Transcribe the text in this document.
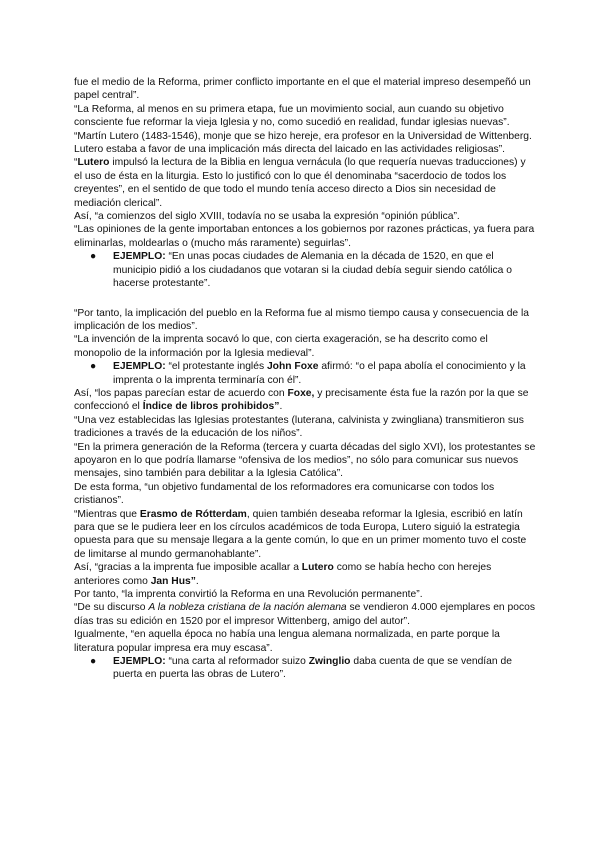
fue el medio de la Reforma, primer conflicto importante en el que el material impreso desempeñó un papel central”.

“La Reforma, al menos en su primera etapa, fue un movimiento social, aun cuando su objetivo consciente fue reformar la vieja Iglesia y no, como sucedió en realidad, fundar iglesias nuevas”.

“Martín Lutero (1483-1546), monje que se hizo hereje, era profesor en la Universidad de Wittenberg. Lutero estaba a favor de una implicación más directa del laicado en las actividades religiosas”.

“Lutero impulsó la lectura de la Biblia en lengua vernácula (lo que requería nuevas traducciones) y el uso de ésta en la liturgia. Esto lo justificó con lo que él denominaba “sacerdocio de todos los creyentes”, en el sentido de que todo el mundo tenía acceso directo a Dios sin necesidad de mediación clerical”.

Así, “a comienzos del siglo XVIII, todavía no se usaba la expresión “opinión pública”.

“Las opiniones de la gente importaban entonces a los gobiernos por razones prácticas, ya fuera para eliminarlas, moldearlas o (mucho más raramente) seguirlas”.

● EJEMPLO: “En unas pocas ciudades de Alemania en la década de 1520, en que el municipio pidió a los ciudadanos que votaran si la ciudad debía seguir siendo católica o hacerse protestante”.

“Por tanto, la implicación del pueblo en la Reforma fue al mismo tiempo causa y consecuencia de la implicación de los medios”.

“La invención de la imprenta socavó lo que, con cierta exageración, se ha descrito como el monopolio de la información por la Iglesia medieval”.

● EJEMPLO: “el protestante inglés John Foxe afirmó: “o el papa abolía el conocimiento y la imprenta o la imprenta terminaría con él”.

Así, “los papas parecían estar de acuerdo con Foxe, y precisamente ésta fue la razón por la que se confeccionó el Índice de libros prohibidos”.

“Una vez establecidas las Iglesias protestantes (luterana, calvinista y zwingliana) transmitieron sus tradiciones a través de la educación de los niños”.

“En la primera generación de la Reforma (tercera y cuarta décadas del siglo XVI), los protestantes se apoyaron en lo que podría llamarse “ofensiva de los medios”, no sólo para comunicar sus nuevos mensajes, sino también para debilitar a la Iglesia Católica”.

De esta forma, “un objetivo fundamental de los reformadores era comunicarse con todos los cristianos”.

“Mientras que Erasmo de Rótterdam, quien también deseaba reformar la Iglesia, escribió en latín para que se le pudiera leer en los círculos académicos de toda Europa, Lutero siguió la estrategia opuesta para que su mensaje llegara a la gente común, lo que en un primer momento tuvo el coste de limitarse al mundo germanohablante”.

Así, “gracias a la imprenta fue imposible acallar a Lutero como se había hecho con herejes anteriores como Jan Hus”.

Por tanto, “la imprenta convirtió la Reforma en una Revolución permanente”.

“De su discurso A la nobleza cristiana de la nación alemana se vendieron 4.000 ejemplares en pocos días tras su edición en 1520 por el impresor Wittenberg, amigo del autor”.

Igualmente, “en aquella época no había una lengua alemana normalizada, en parte porque la literatura popular impresa era muy escasa”.

● EJEMPLO: “una carta al reformador suizo Zwinglio daba cuenta de que se vendían de puerta en puerta las obras de Lutero”.
